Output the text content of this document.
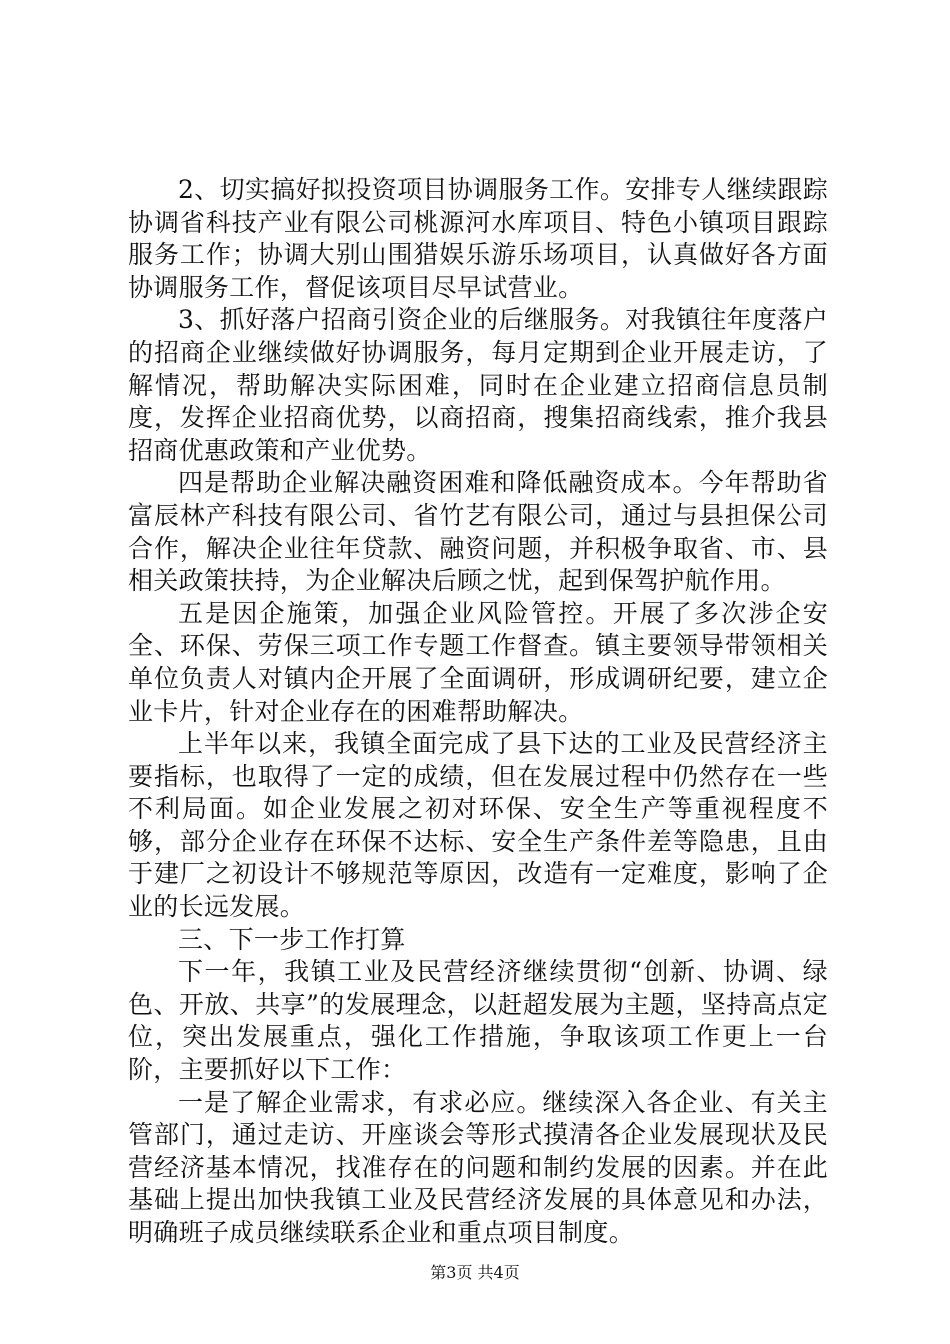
2、切实搞好拟投资项目协调服务工作。安排专人继续跟踪协调省科技产业有限公司桃源河水库项目、特色小镇项目跟踪服务工作；协调大别山围猎娱乐游乐场项目，认真做好各方面协调服务工作，督促该项目尽早试营业。

3、抓好落户招商引资企业的后继服务。对我镇往年度落户的招商企业继续做好协调服务，每月定期到企业开展走访，了解情况，帮助解决实际困难，同时在企业建立招商信息员制度，发挥企业招商优势，以商招商，搜集招商线索，推介我县招商优惠政策和产业优势。

四是帮助企业解决融资困难和降低融资成本。今年帮助省富辰林产科技有限公司、省竹艺有限公司，通过与县担保公司合作，解决企业往年贷款、融资问题，并积极争取省、市、县相关政策扶持，为企业解决后顾之忧，起到保驾护航作用。

五是因企施策，加强企业风险管控。开展了多次涉企安全、环保、劳保三项工作专题工作督查。镇主要领导带领相关单位负责人对镇内企开展了全面调研，形成调研纪要，建立企业卡片，针对企业存在的困难帮助解决。

上半年以来，我镇全面完成了县下达的工业及民营经济主要指标，也取得了一定的成绩，但在发展过程中仍然存在一些不利局面。如企业发展之初对环保、安全生产等重视程度不够，部分企业存在环保不达标、安全生产条件差等隐患，且由于建厂之初设计不够规范等原因，改造有一定难度，影响了企业的长远发展。

三、下一步工作打算

下一年，我镇工业及民营经济继续贯彻“创新、协调、绿色、开放、共享”的发展理念，以赶超发展为主题，坚持高点定位，突出发展重点，强化工作措施，争取该项工作更上一台阶，主要抓好以下工作：

一是了解企业需求，有求必应。继续深入各企业、有关主管部门，通过走访、开座谈会等形式摸清各企业发展现状及民营经济基本情况，找准存在的问题和制约发展的因素。并在此基础上提出加快我镇工业及民营经济发展的具体意见和办法，明确班子成员继续联系企业和重点项目制度。

第3页 共4页
